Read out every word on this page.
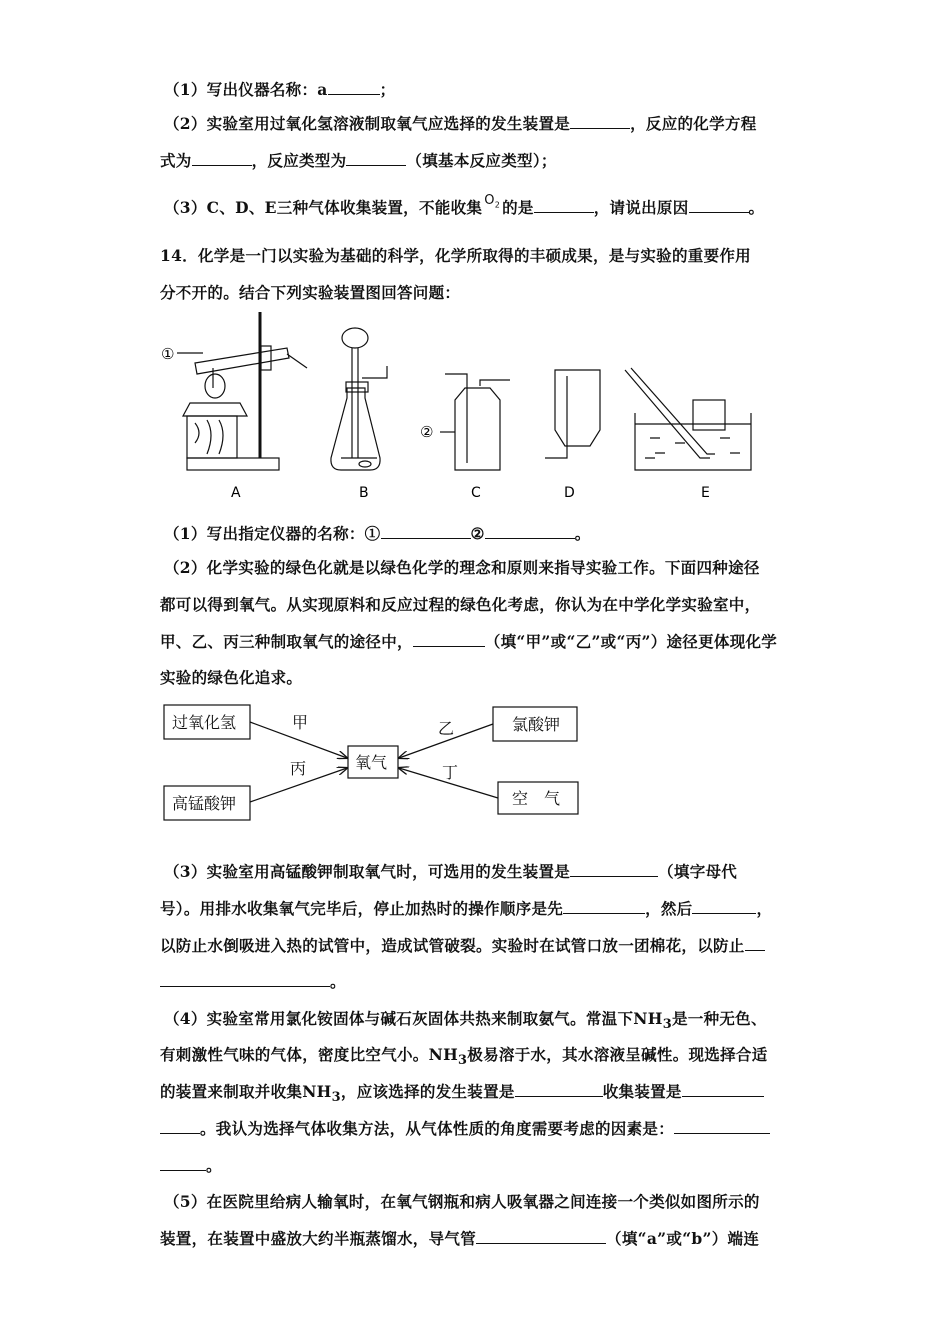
（1）写出仪器名称：a	；
（2）实验室用过氧化氢溶液制取氧气应选择的发生装置是	，反应的化学方程
式为	，反应类型为	（填基本反应类型）；
（3）C、D、E三种气体收集装置，不能收集 $O_2$ 的是	，请说出原因	。
14．化学是一门以实验为基础的科学，化学所取得的丰硕成果，是与实验的重要作用
分不开的。结合下列实验装置图回答问题：
①
②
A	B	C	D	E
（1）写出指定仪器的名称：①	②	。
（2）化学实验的绿色化就是以绿色化学的理念和原则来指导实验工作。下面四种途径
都可以得到氧气。从实现原料和反应过程的绿色化考虑，你认为在中学化学实验室中，
甲、乙、丙三种制取氧气的途径中，	（填“甲”或“乙”或“丙”）途径更体现化学
实验的绿色化追求。
过氧化氢	氯酸钾
氧气
高锰酸钾	空　气
甲	乙
丙	丁
（3）实验室用高锰酸钾制取氧气时，可选用的发生装置是	（填字母代
号）。用排水收集氧气完毕后，停止加热时的操作顺序是先	，然后	，
以防止水倒吸进入热的试管中，造成试管破裂。实验时在试管口放一团棉花，以防止
。
（4）实验室常用氯化铵固体与碱石灰固体共热来制取氨气。常温下$NH_3$是一种无色、
有刺激性气味的气体，密度比空气小。$NH_3$极易溶于水，其水溶液呈碱性。现选择合适
的装置来制取并收集$NH_3$，应该选择的发生装置是	收集装置是
。我认为选择气体收集方法，从气体性质的角度需要考虑的因素是：
。
（5）在医院里给病人输氧时，在氧气钢瓶和病人吸氧器之间连接一个类似如图所示的
装置，在装置中盛放大约半瓶蒸馏水，导气管	（填“a”或“b”）端连
